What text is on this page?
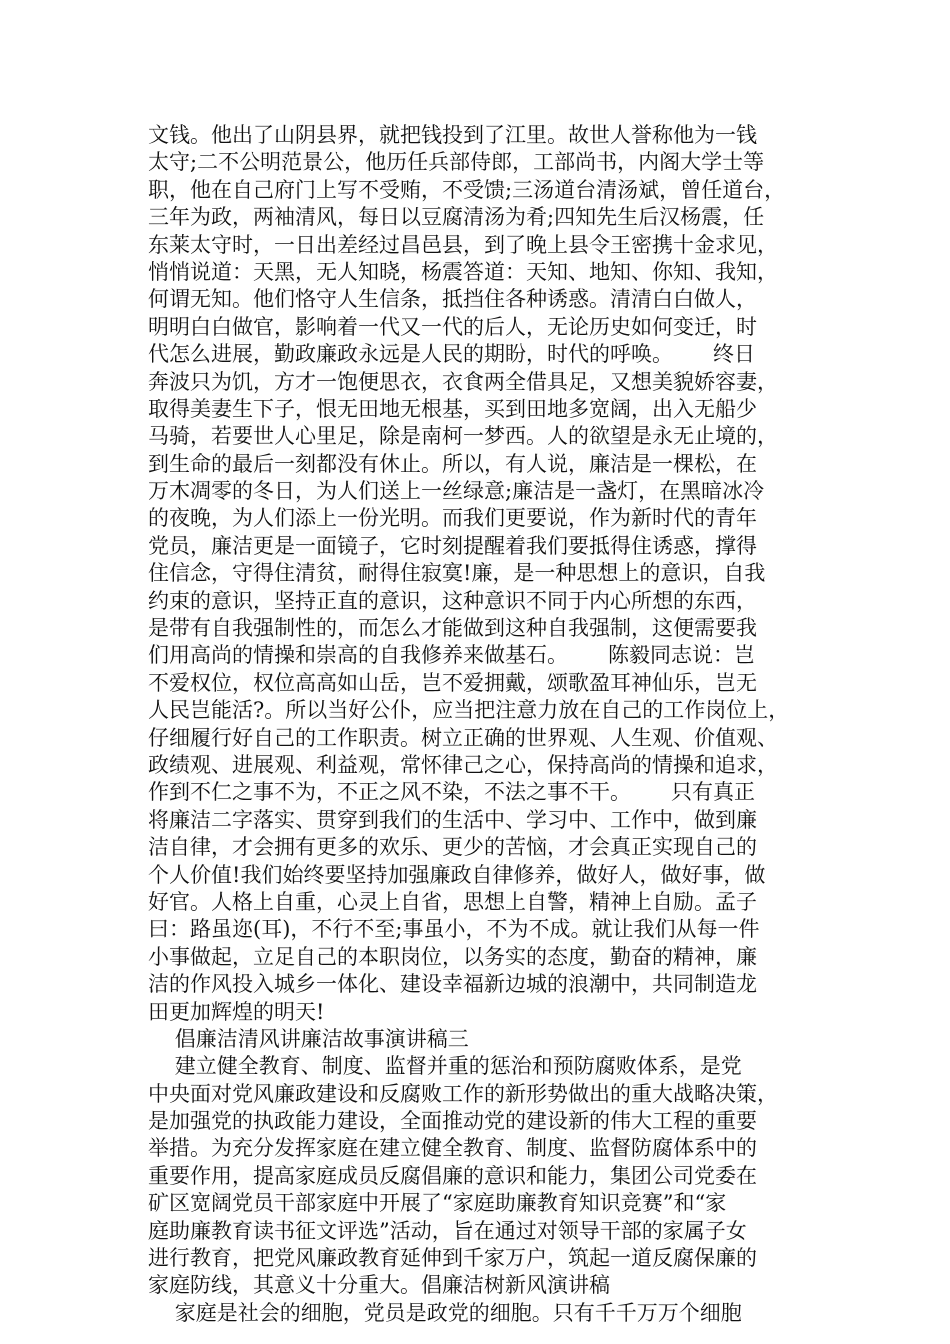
文钱。他出了山阴县界，就把钱投到了江里。故世人誉称他为一钱
太守;二不公明范景公，他历任兵部侍郎，工部尚书，内阁大学士等
职，他在自己府门上写不受贿，不受馈;三汤道台清汤斌，曾任道台，
三年为政，两袖清风，每日以豆腐清汤为肴;四知先生后汉杨震，任
东莱太守时，一日出差经过昌邑县，到了晚上县令王密携十金求见，
悄悄说道：天黑，无人知晓，杨震答道：天知、地知、你知、我知，
何谓无知。他们恪守人生信条，抵挡住各种诱惑。清清白白做人，
明明白白做官，影响着一代又一代的后人，无论历史如何变迁，时
代怎么进展，勤政廉政永远是人民的期盼，时代的呼唤。      终日
奔波只为饥，方才一饱便思衣，衣食两全借具足，又想美貌娇容妻，
取得美妻生下子，恨无田地无根基，买到田地多宽阔，出入无船少
马骑，若要世人心里足，除是南柯一梦西。人的欲望是永无止境的，
到生命的最后一刻都没有休止。所以，有人说，廉洁是一棵松，在
万木凋零的冬日，为人们送上一丝绿意;廉洁是一盏灯，在黑暗冰冷
的夜晚，为人们添上一份光明。而我们更要说，作为新时代的青年
党员，廉洁更是一面镜子，它时刻提醒着我们要抵得住诱惑，撑得
住信念，守得住清贫，耐得住寂寞!廉，是一种思想上的意识，自我
约束的意识，坚持正直的意识，这种意识不同于内心所想的东西，
是带有自我强制性的，而怎么才能做到这种自我强制，这便需要我
们用高尚的情操和崇高的自我修养来做基石。      陈毅同志说：岂
不爱权位，权位高高如山岳，岂不爱拥戴，颂歌盈耳神仙乐，岂无
人民岂能活?。所以当好公仆，应当把注意力放在自己的工作岗位上，
仔细履行好自己的工作职责。树立正确的世界观、人生观、价值观、
政绩观、进展观、利益观，常怀律己之心，保持高尚的情操和追求，
作到不仁之事不为，不正之风不染，不法之事不干。      只有真正
将廉洁二字落实、贯穿到我们的生活中、学习中、工作中，做到廉
洁自律，才会拥有更多的欢乐、更少的苦恼，才会真正实现自己的
个人价值!我们始终要坚持加强廉政自律修养，做好人，做好事，做
好官。人格上自重，心灵上自省，思想上自警，精神上自励。孟子
曰：路虽迩(耳)，不行不至;事虽小，不为不成。就让我们从每一件
小事做起，立足自己的本职岗位，以务实的态度，勤奋的精神，廉
洁的作风投入城乡一体化、建设幸福新边城的浪潮中，共同制造龙
田更加辉煌的明天!
倡廉洁清风讲廉洁故事演讲稿三
建立健全教育、制度、监督并重的惩治和预防腐败体系，是党
中央面对党风廉政建设和反腐败工作的新形势做出的重大战略决策，
是加强党的执政能力建设，全面推动党的建设新的伟大工程的重要
举措。为充分发挥家庭在建立健全教育、制度、监督防腐体系中的
重要作用，提高家庭成员反腐倡廉的意识和能力，集团公司党委在
矿区宽阔党员干部家庭中开展了“家庭助廉教育知识竞赛”和“家
庭助廉教育读书征文评选”活动，旨在通过对领导干部的家属子女
进行教育，把党风廉政教育延伸到千家万户，筑起一道反腐保廉的
家庭防线，其意义十分重大。倡廉洁树新风演讲稿
家庭是社会的细胞，党员是政党的细胞。只有千千万万个细胞
